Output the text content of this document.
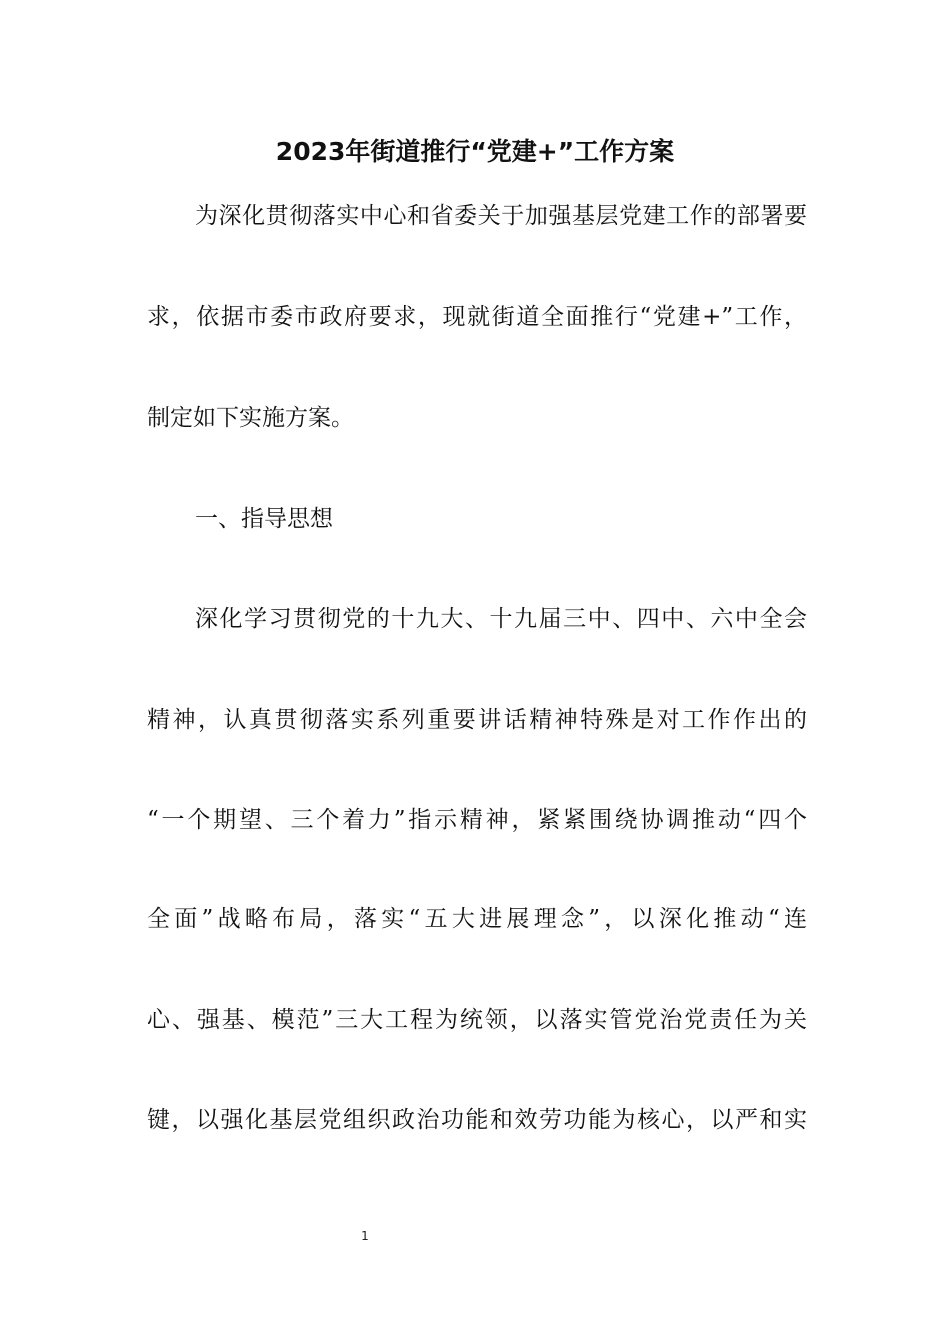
2023年街道推行“党建+”工作方案
为深化贯彻落实中心和省委关于加强基层党建工作的部署要
求，依据市委市政府要求，现就街道全面推行“党建+”工作，
制定如下实施方案。
一、指导思想
深化学习贯彻党的十九大、十九届三中、四中、六中全会
精神，认真贯彻落实系列重要讲话精神特殊是对工作作出的
“一个期望、三个着力”指示精神，紧紧围绕协调推动“四个
全面”战略布局，落实“五大进展理念”，以深化推动“连
心、强基、模范”三大工程为统领，以落实管党治党责任为关
键，以强化基层党组织政治功能和效劳功能为核心，以严和实
1
